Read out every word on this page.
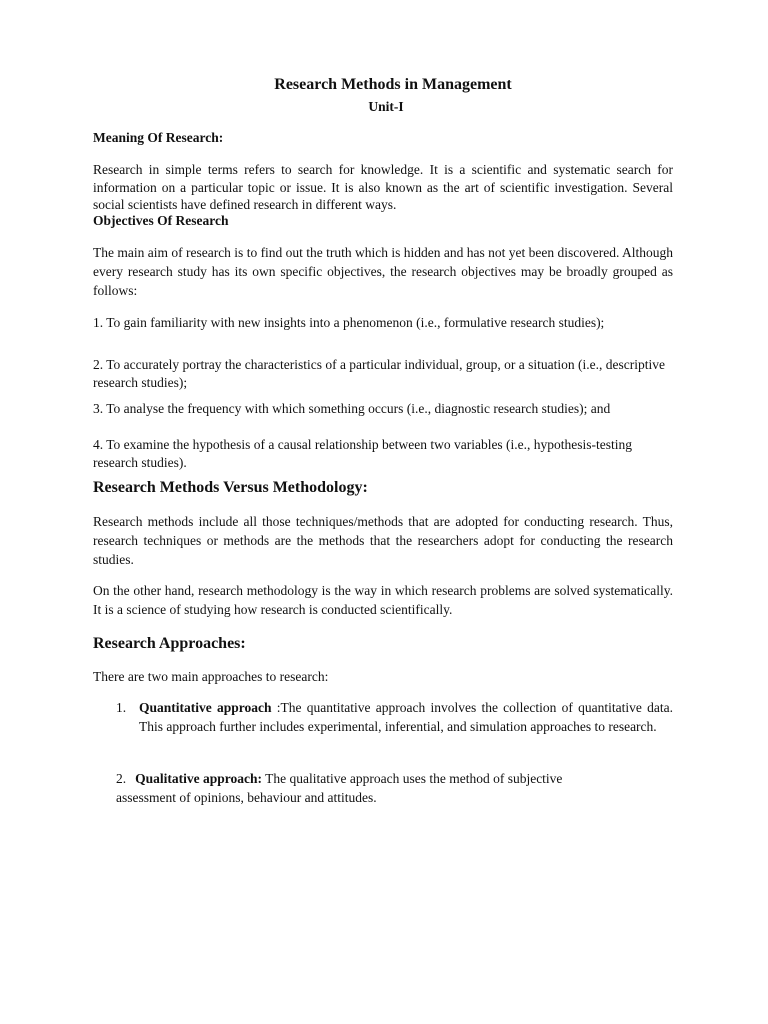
Research Methods in Management
Unit-I
Meaning Of Research:

Research in simple terms refers to search for knowledge. It is a scientific and systematic search for information on a particular topic or issue. It is also known as the art of scientific investigation. Several social scientists have defined research in different ways.

Objectives Of Research

The main aim of research is to find out the truth which is hidden and has not yet been discovered. Although every research study has its own specific objectives, the research objectives may be broadly grouped as follows:

1. To gain familiarity with new insights into a phenomenon (i.e., formulative research studies);

2. To accurately portray the characteristics of a particular individual, group, or a situation (i.e., descriptive research studies);

3. To analyse the frequency with which something occurs (i.e., diagnostic research studies); and

4. To examine the hypothesis of a causal relationship between two variables (i.e., hypothesis-testing research studies).

Research Methods Versus Methodology:

Research methods include all those techniques/methods that are adopted for conducting research. Thus, research techniques or methods are the methods that the researchers adopt for conducting the research studies.

On the other hand, research methodology is the way in which research problems are solved systematically. It is a science of studying how research is conducted scientifically.

Research Approaches:

There are two main approaches to research:

1. Quantitative approach :The quantitative approach involves the collection of quantitative data. This approach further includes experimental, inferential, and simulation approaches to research.

2. Qualitative approach: The qualitative approach uses the method of subjective assessment of opinions, behaviour and attitudes.
